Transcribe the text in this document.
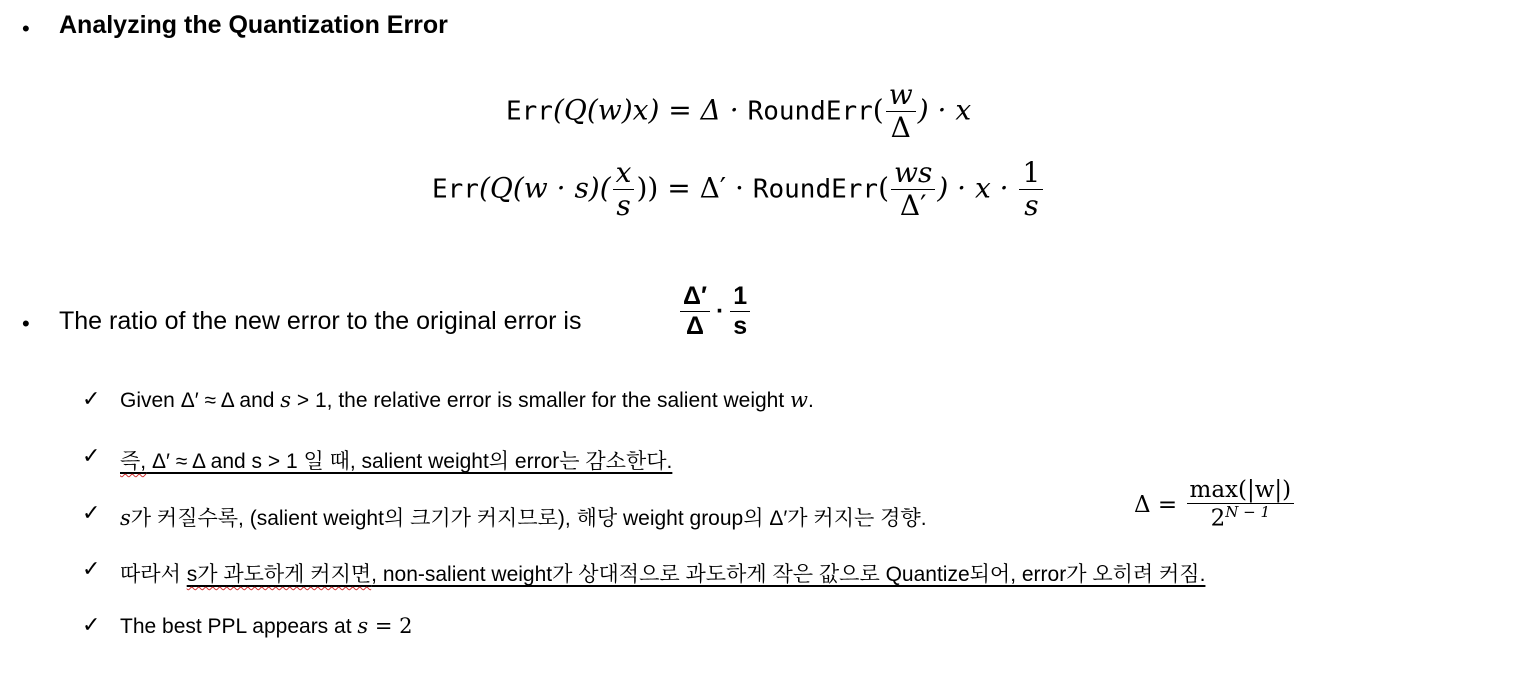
• Analyzing the Quantization Error
Err(Q(w)x) = Δ · RoundErr( $\frac{w}{\Delta}$ ) · x
$Err(Q(w \cdot s)( \frac{x}{s}$ )) = Δ′ · RoundErr( $\frac{ws}{\Delta'}$ ) · $x \cdot \frac{1}{s}$
• The ratio of the new error to the original error is	$\frac{\Delta'}{\Delta} \cdot \frac{1}{s}$
✓ Given Δ′ ≈ Δ and s > 1, the relative error is smaller for the salient weight w.
✓ 즉, Δ′ ≈ Δ and s > 1 일 때, salient weight의 error는 감소한다.
✓ s가 커질수록, (salient weight의 크기가 커지므로), 해당 weight group의 Δ′가 커지는 경향.
$\Delta = \frac{\max(|w|)}{2^{N - 1}}$
✓ 따라서 s가 과도하게 커지면, non-salient weight가 상대적으로 과도하게 작은 값으로 Quantize되어, error가 오히려 커짐.
✓ The best PPL appears at s = 2
